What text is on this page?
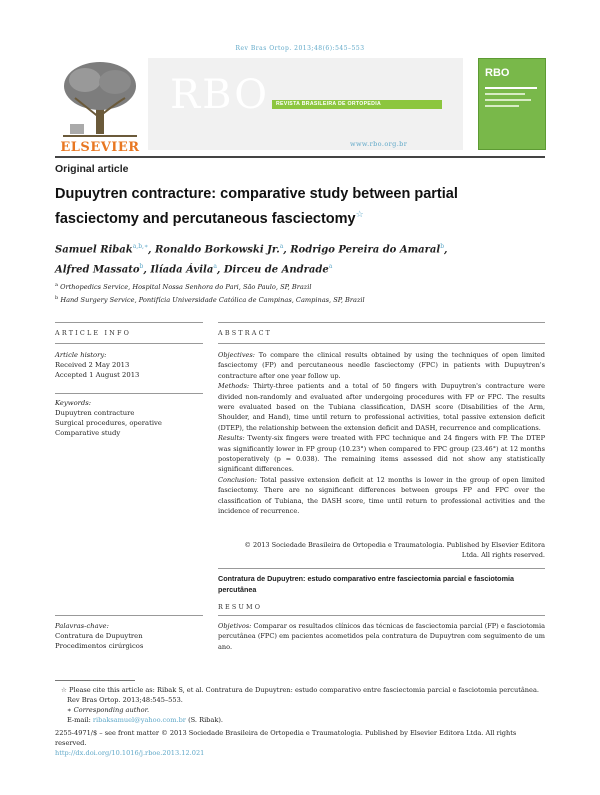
Rev Bras Ortop. 2013;48(6):545–553
ELSEVIER
RBO	REVISTA BRASILEIRA DE ORTOPEDIA
www.rbo.org.br
RBO
Original article
Dupuytren contracture: comparative study between partial fasciectomy and percutaneous fasciectomy☆
Samuel Ribak$^{a,b,∗}$, Ronaldo Borkowski Jr.$^a$, Rodrigo Pereira do Amaral$^b$,
Alfred Massato$^b$, Ilíada Ávila$^a$, Dirceu de Andrade$^a$
$^a$ Orthopedics Service, Hospital Nossa Senhora do Pari, São Paulo, SP, Brazil
$^b$ Hand Surgery Service, Pontifícia Universidade Católica de Campinas, Campinas, SP, Brazil
ARTICLE INFO
Article history:
Received 2 May 2013
Accepted 1 August 2013
Keywords:
Dupuytren contracture
Surgical procedures, operative
Comparative study
ABSTRACT

Objectives: To compare the clinical results obtained by using the techniques of open limited fasciectomy (FP) and percutaneous needle fasciectomy (FPC) in patients with Dupuytren's contracture after one year follow up.

Methods: Thirty-three patients and a total of 50 fingers with Dupuytren's contracture were divided non-randomly and evaluated after undergoing procedures with FP or FPC. The results were evaluated based on the Tubiana classification, DASH score (Disabilities of the Arm, Shoulder, and Hand), time until return to professional activities, total passive extension deficit (DTEP), the relationship between the extension deficit and DASH, recurrence and complications.

Results: Twenty-six fingers were treated with FPC technique and 24 fingers with FP. The DTEP was significantly lower in FP group (10.23°) when compared to FPC group (23.46°) at 12 months postoperatively (p = 0.038). The remaining items assessed did not show any statistically significant differences.

Conclusion: Total passive extension deficit at 12 months is lower in the group of open limited fasciectomy. There are no significant differences between groups FP and FPC over the classification of Tubiana, the DASH score, time until return to professional activities and the incidence of recurrence.

© 2013 Sociedade Brasileira de Ortopedia e Traumatologia. Published by Elsevier Editora
Ltda. All rights reserved.
Contratura de Dupuytren: estudo comparativo entre fasciectomia parcial e fasciotomia percutânea
RESUMO
Objetivos: Comparar os resultados clínicos das técnicas de fasciectomia parcial (FP) e fasciotomia percutânea (FPC) em pacientes acometidos pela contratura de Dupuytren com seguimento de um ano.
Palavras-chave:
Contratura de Dupuytren
Procedimentos cirúrgicos
☆ Please cite this article as: Ribak S, et al. Contratura de Dupuytren: estudo comparativo entre fasciectomia parcial e fasciotomia percutânea. Rev Bras Ortop. 2013;48:545–553.
∗ Corresponding author.
E-mail: ribaksamuel@yahoo.com.br (S. Ribak).
2255-4971/$ – see front matter © 2013 Sociedade Brasileira de Ortopedia e Traumatologia. Published by Elsevier Editora Ltda. All rights reserved.
http://dx.doi.org/10.1016/j.rboe.2013.12.021
